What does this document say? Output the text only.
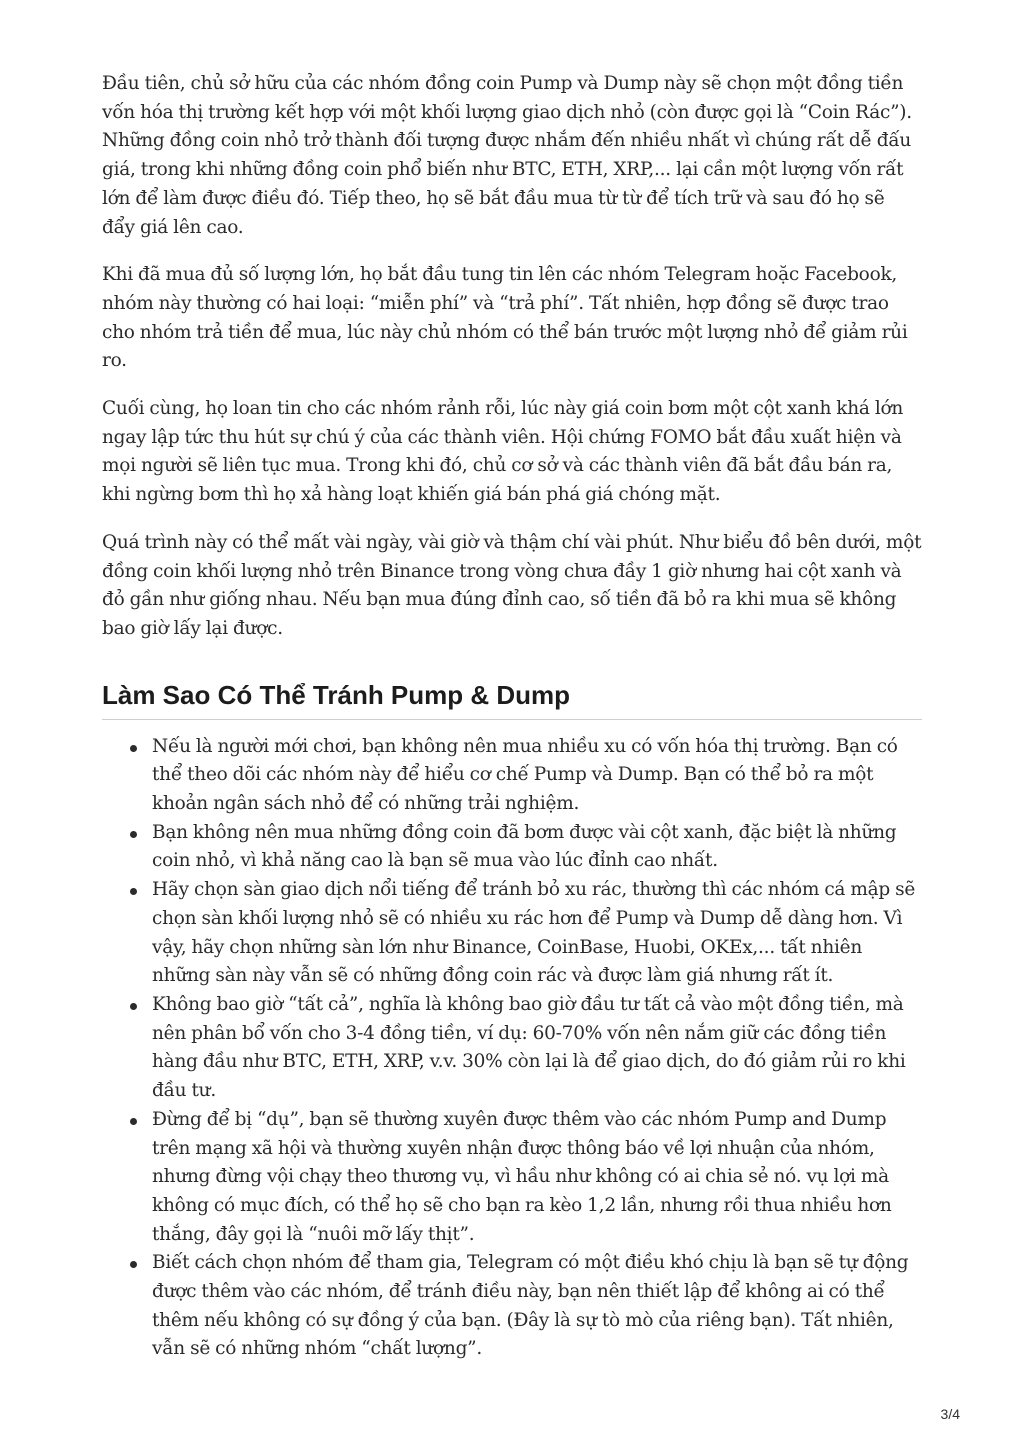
Đầu tiên, chủ sở hữu của các nhóm đồng coin Pump và Dump này sẽ chọn một đồng tiền vốn hóa thị trường kết hợp với một khối lượng giao dịch nhỏ (còn được gọi là “Coin Rác”). Những đồng coin nhỏ trở thành đối tượng được nhắm đến nhiều nhất vì chúng rất dễ đấu giá, trong khi những đồng coin phổ biến như BTC, ETH, XRP,... lại cần một lượng vốn rất lớn để làm được điều đó. Tiếp theo, họ sẽ bắt đầu mua từ từ để tích trữ và sau đó họ sẽ đẩy giá lên cao.

Khi đã mua đủ số lượng lớn, họ bắt đầu tung tin lên các nhóm Telegram hoặc Facebook, nhóm này thường có hai loại: “miễn phí” và “trả phí”. Tất nhiên, hợp đồng sẽ được trao cho nhóm trả tiền để mua, lúc này chủ nhóm có thể bán trước một lượng nhỏ để giảm rủi ro.

Cuối cùng, họ loan tin cho các nhóm rảnh rỗi, lúc này giá coin bơm một cột xanh khá lớn ngay lập tức thu hút sự chú ý của các thành viên. Hội chứng FOMO bắt đầu xuất hiện và mọi người sẽ liên tục mua. Trong khi đó, chủ cơ sở và các thành viên đã bắt đầu bán ra, khi ngừng bơm thì họ xả hàng loạt khiến giá bán phá giá chóng mặt.

Quá trình này có thể mất vài ngày, vài giờ và thậm chí vài phút. Như biểu đồ bên dưới, một đồng coin khối lượng nhỏ trên Binance trong vòng chưa đầy 1 giờ nhưng hai cột xanh và đỏ gần như giống nhau. Nếu bạn mua đúng đỉnh cao, số tiền đã bỏ ra khi mua sẽ không bao giờ lấy lại được.

Làm Sao Có Thể Tránh Pump & Dump
Nếu là người mới chơi, bạn không nên mua nhiều xu có vốn hóa thị trường. Bạn có thể theo dõi các nhóm này để hiểu cơ chế Pump và Dump. Bạn có thể bỏ ra một khoản ngân sách nhỏ để có những trải nghiệm.
Bạn không nên mua những đồng coin đã bơm được vài cột xanh, đặc biệt là những coin nhỏ, vì khả năng cao là bạn sẽ mua vào lúc đỉnh cao nhất.
Hãy chọn sàn giao dịch nổi tiếng để tránh bỏ xu rác, thường thì các nhóm cá mập sẽ chọn sàn khối lượng nhỏ sẽ có nhiều xu rác hơn để Pump và Dump dễ dàng hơn. Vì vậy, hãy chọn những sàn lớn như Binance, CoinBase, Huobi, OKEx,... tất nhiên những sàn này vẫn sẽ có những đồng coin rác và được làm giá nhưng rất ít.
Không bao giờ “tất cả”, nghĩa là không bao giờ đầu tư tất cả vào một đồng tiền, mà nên phân bổ vốn cho 3-4 đồng tiền, ví dụ: 60-70% vốn nên nắm giữ các đồng tiền hàng đầu như BTC, ETH, XRP, v.v. 30% còn lại là để giao dịch, do đó giảm rủi ro khi đầu tư.
Đừng để bị “dụ”, bạn sẽ thường xuyên được thêm vào các nhóm Pump and Dump trên mạng xã hội và thường xuyên nhận được thông báo về lợi nhuận của nhóm, nhưng đừng vội chạy theo thương vụ, vì hầu như không có ai chia sẻ nó. vụ lợi mà không có mục đích, có thể họ sẽ cho bạn ra kèo 1,2 lần, nhưng rồi thua nhiều hơn thắng, đây gọi là “nuôi mỡ lấy thịt”.
Biết cách chọn nhóm để tham gia, Telegram có một điều khó chịu là bạn sẽ tự động được thêm vào các nhóm, để tránh điều này, bạn nên thiết lập để không ai có thể thêm nếu không có sự đồng ý của bạn. (Đây là sự tò mò của riêng bạn). Tất nhiên, vẫn sẽ có những nhóm “chất lượng”.
3/4
